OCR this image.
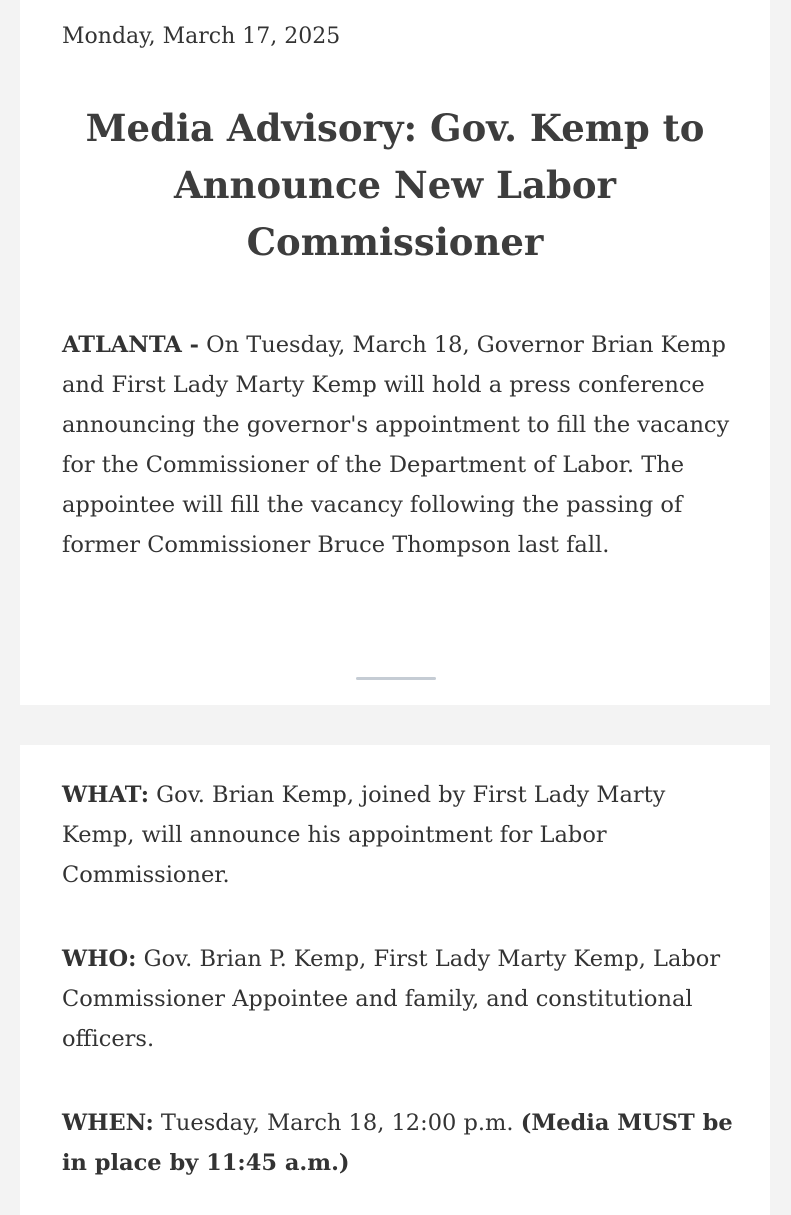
Monday, March 17, 2025
Media Advisory: Gov. Kemp to Announce New Labor Commissioner

ATLANTA - On Tuesday, March 18, Governor Brian Kemp and First Lady Marty Kemp will hold a press conference announcing the governor's appointment to fill the vacancy for the Commissioner of the Department of Labor. The appointee will fill the vacancy following the passing of former Commissioner Bruce Thompson last fall.

WHAT: Gov. Brian Kemp, joined by First Lady Marty Kemp, will announce his appointment for Labor Commissioner.

WHO: Gov. Brian P. Kemp, First Lady Marty Kemp, Labor Commissioner Appointee and family, and constitutional officers.

WHEN: Tuesday, March 18, 12:00 p.m. (Media MUST be in place by 11:45 a.m.)
